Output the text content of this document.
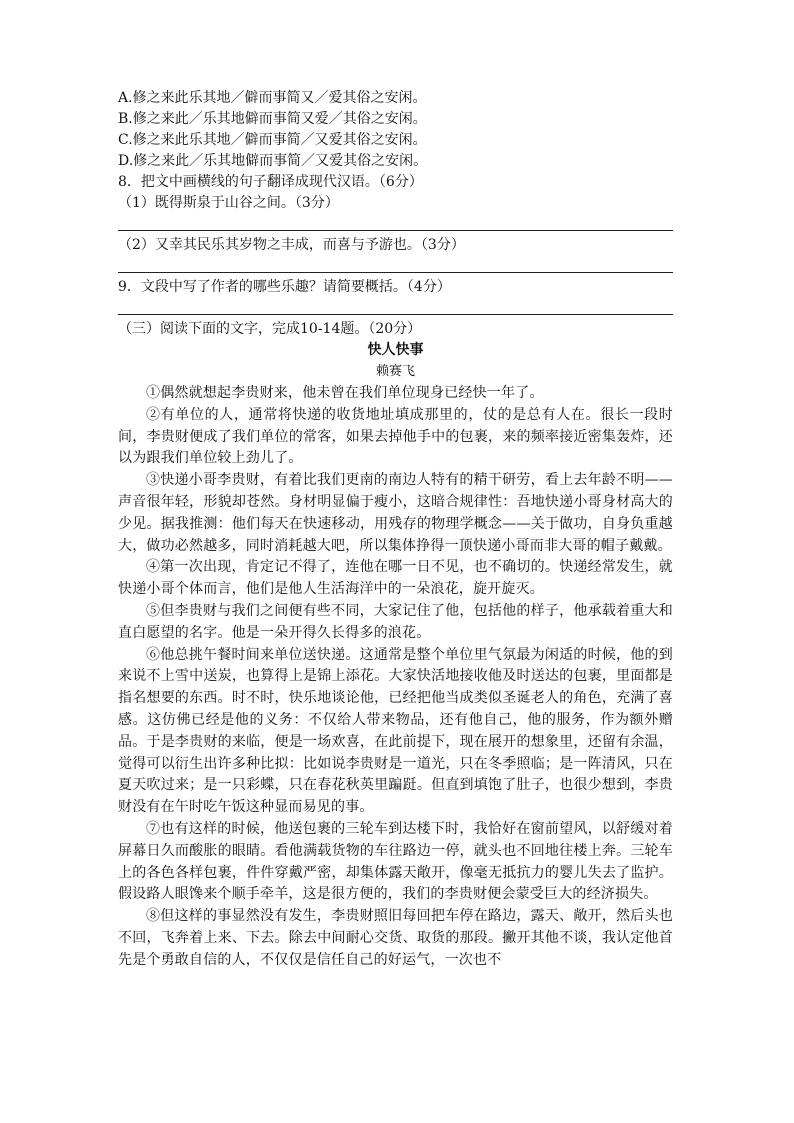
A.修之来此乐其地／僻而事简又／爱其俗之安闲。
B.修之来此／乐其地僻而事简又爱／其俗之安闲。
C.修之来此乐其地／僻而事简／又爱其俗之安闲。
D.修之来此／乐其地僻而事简／又爱其俗之安闲。
8．把文中画横线的句子翻译成现代汉语。（6分）
（1）既得斯泉于山谷之间。（3分）
（2）又幸其民乐其岁物之丰成，而喜与予游也。（3分）
9．文段中写了作者的哪些乐趣？请简要概括。（4分）
（三）阅读下面的文字，完成10-14题。（20分）
快人快事
赖赛飞

①偶然就想起李贵财来，他未曾在我们单位现身已经快一年了。

②有单位的人，通常将快递的收货地址填成那里的，仗的是总有人在。很长一段时间，李贵财便成了我们单位的常客，如果去掉他手中的包裹，来的频率接近密集轰炸，还以为跟我们单位较上劲儿了。

③快递小哥李贵财，有着比我们更南的南边人特有的精干研劳，看上去年龄不明——声音很年轻，形貌却苍然。身材明显偏于瘦小，这暗合规律性：吾地快递小哥身材高大的少见。据我推测：他们每天在快速移动，用残存的物理学概念——关于做功，自身负重越大，做功必然越多，同时消耗越大吧，所以集体挣得一顶快递小哥而非大哥的帽子戴戴。

④第一次出现，肯定记不得了，连他在哪一日不见，也不确切的。快递经常发生，就快递小哥个体而言，他们是他人生活海洋中的一朵浪花，旋开旋灭。

⑤但李贵财与我们之间便有些不同，大家记住了他，包括他的样子，他承载着重大和直白愿望的名字。他是一朵开得久长得多的浪花。

⑥他总挑午餐时间来单位送快递。这通常是整个单位里气氛最为闲适的时候，他的到来说不上雪中送炭，也算得上是锦上添花。大家快活地接收他及时送达的包裹，里面都是指名想要的东西。时不时，快乐地谈论他，已经把他当成类似圣诞老人的角色，充满了喜感。这仿佛已经是他的义务：不仅给人带来物品，还有他自己，他的服务，作为额外赠品。于是李贵财的来临，便是一场欢喜，在此前提下，现在展开的想象里，还留有余温，觉得可以衍生出许多种比拟：比如说李贵财是一道光，只在冬季照临；是一阵清风，只在夏天吹过来；是一只彩蝶，只在春花秋英里蹁跹。但直到填饱了肚子，也很少想到，李贵财没有在午时吃午饭这种显而易见的事。

⑦也有这样的时候，他送包裹的三轮车到达楼下时，我恰好在窗前望风，以舒缓对着屏幕日久而酸胀的眼睛。看他满载货物的车往路边一停，就头也不回地往楼上奔。三轮车上的各色各样包裹，件件穿戴严密，却集体露天敞开，像毫无抵抗力的婴儿失去了监护。假设路人眼馋来个顺手牵羊，这是很方便的，我们的李贵财便会蒙受巨大的经济损失。

⑧但这样的事显然没有发生，李贵财照旧每回把车停在路边，露天、敞开，然后头也不回，飞奔着上来、下去。除去中间耐心交货、取货的那段。撇开其他不谈，我认定他首先是个勇敢自信的人，不仅仅是信任自己的好运气，一次也不
